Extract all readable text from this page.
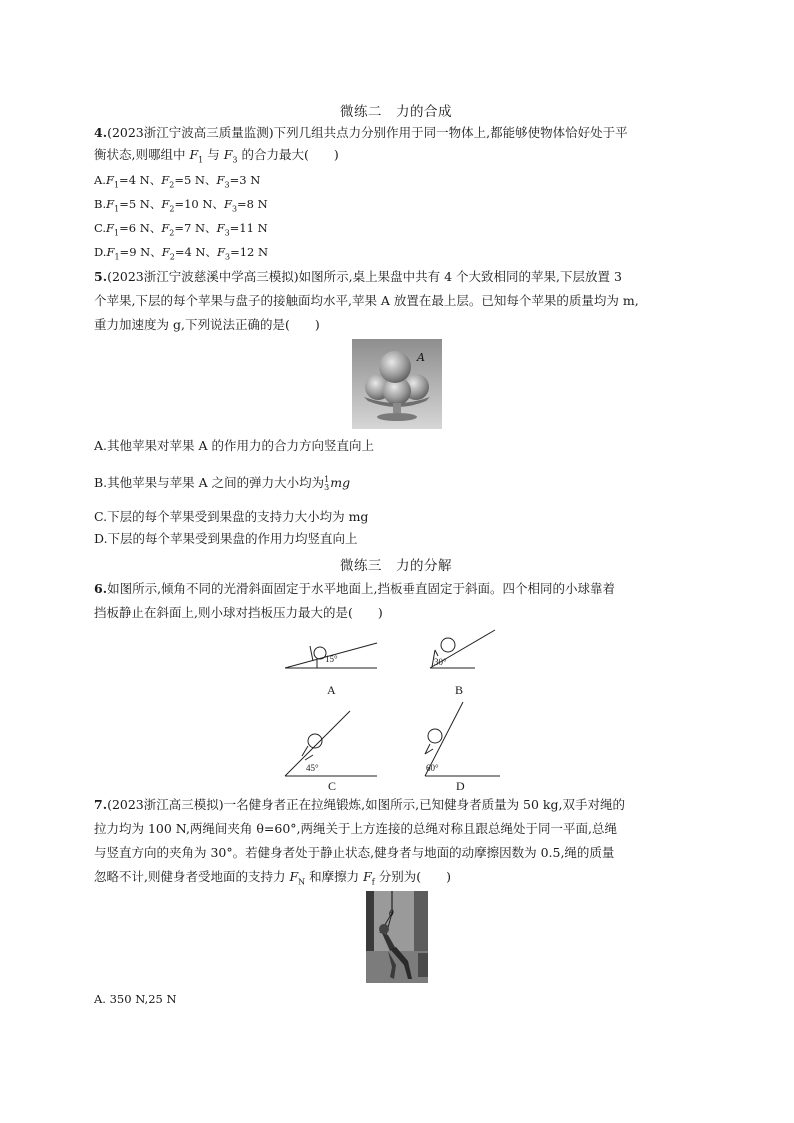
微练二　力的合成
4.(2023浙江宁波高三质量监测)下列几组共点力分别作用于同一物体上,都能够使物体恰好处于平
衡状态,则哪组中 $F_1$ 与 $F_3$ 的合力最大(　　)
$A.F_1=4$ N、$F_2=5$ N、$F_3=3$ N
$B.F_1=5$ N、$F_2=10$ N、$F_3=8$ N
$C.F_1=6$ N、$F_2=7$ N、$F_3=11$ N
$D.F_1=9$ N、$F_2=4$ N、$F_3=12$ N
5.(2023浙江宁波慈溪中学高三模拟)如图所示,桌上果盘中共有 4 个大致相同的苹果,下层放置 3
个苹果,下层的每个苹果与盘子的接触面均水平,苹果 A 放置在最上层。已知每个苹果的质量均为 m,
重力加速度为 g,下列说法正确的是(　　)
A
A.其他苹果对苹果 A 的作用力的合力方向竖直向上
B.其他苹果与苹果 A 之间的弹力大小均为 1
3 mg
C.下层的每个苹果受到果盘的支持力大小均为 mg
D.下层的每个苹果受到果盘的作用力均竖直向上
微练三　力的分解
6.如图所示,倾角不同的光滑斜面固定于水平地面上,挡板垂直固定于斜面。四个相同的小球靠着
挡板静止在斜面上,则小球对挡板压力最大的是(　　)
15°	30°
45°	60°
A	B
C	D
7.(2023浙江高三模拟)一名健身者正在拉绳锻炼,如图所示,已知健身者质量为 50 kg,双手对绳的
拉力均为 100 N,两绳间夹角 θ=60°,两绳关于上方连接的总绳对称且跟总绳处于同一平面,总绳
与竖直方向的夹角为 30°。若健身者处于静止状态,健身者与地面的动摩擦因数为 0.5,绳的质量
忽略不计,则健身者受地面的支持力 $F_N$ 和摩擦力 $F_f$ 分别为(　　)
θ
A. 350 N,25 N
